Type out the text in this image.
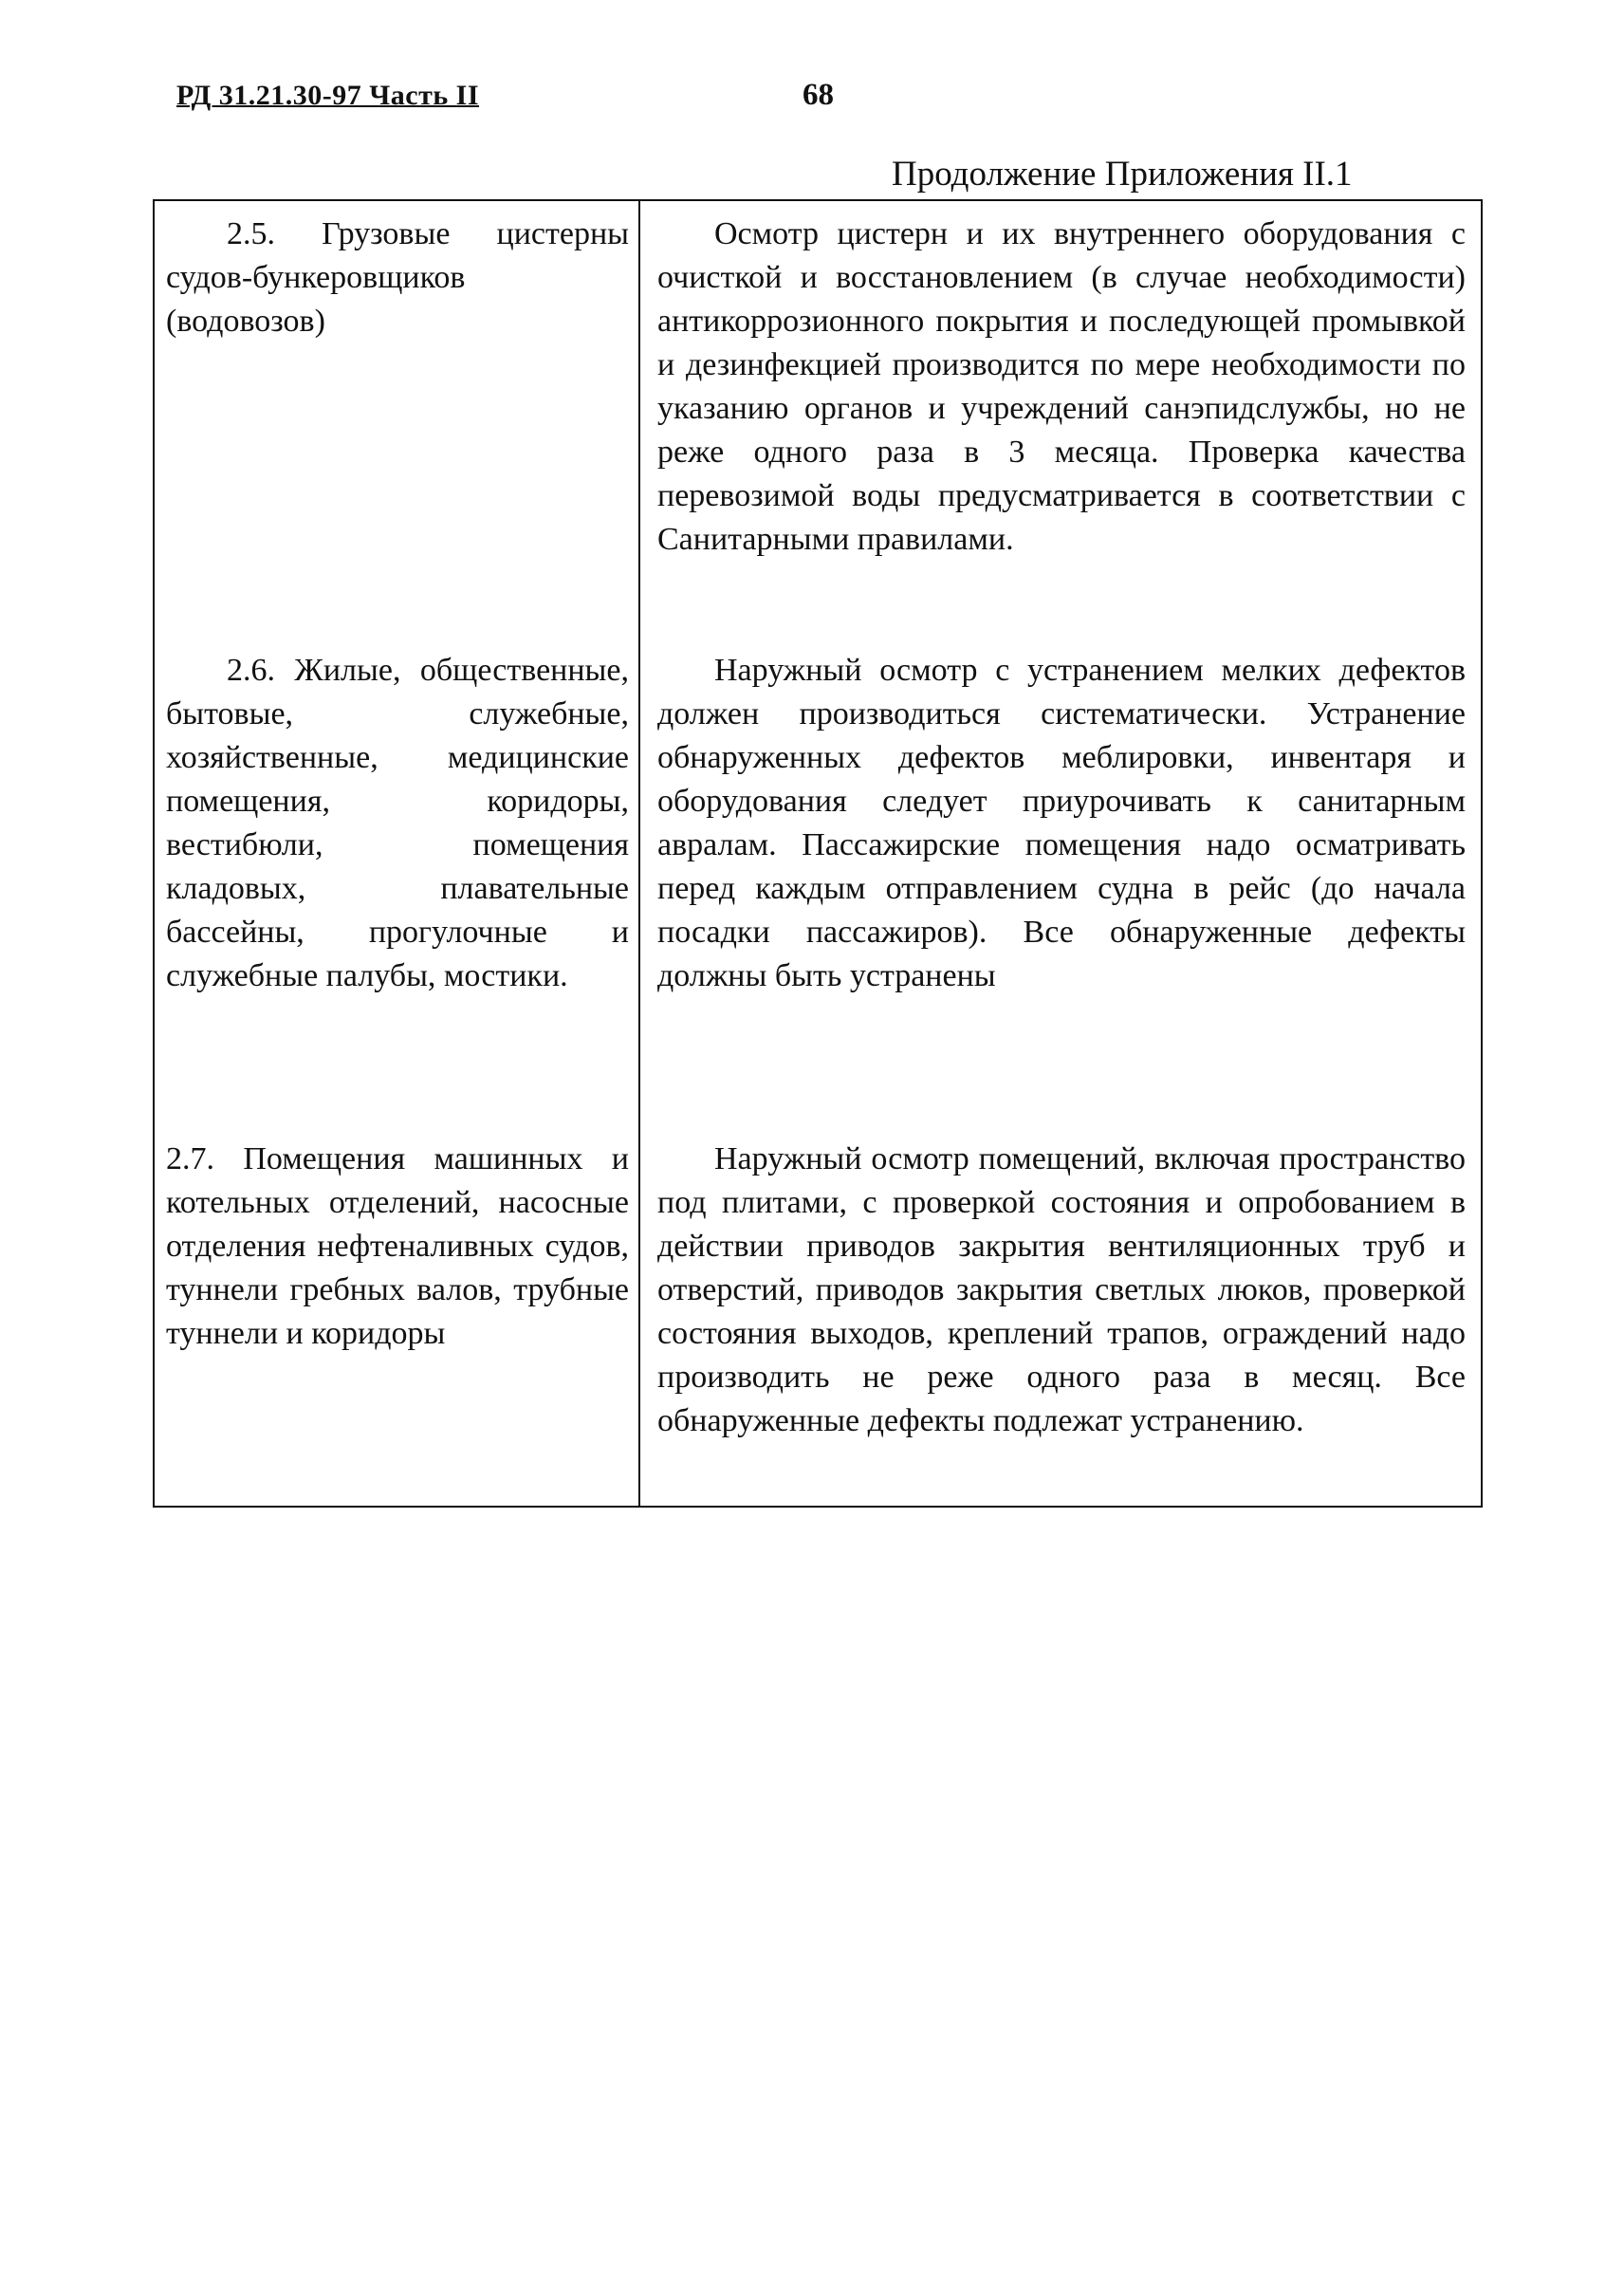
РД 31.21.30-97 Часть II	68
Продолжение Приложения II.1
2.5. Грузовые цистерны судов-бункеровщиков (водовозов)	Осмотр цистерн и их внутреннего оборудования с очисткой и восстановлением (в случае необходимости) антикоррозионного покрытия и последующей промывкой и дезинфекцией производится по мере необходимости по указанию органов и учреждений санэпидслужбы, но не реже одного раза в 3 месяца. Проверка качества перевозимой воды предусматривается в соответствии с Санитарными правилами.

2.6. Жилые, общественные, бытовые, служебные, хозяйственные, медицинские помещения, коридоры, вестибюли, помещения кладовых, плавательные бассейны, прогулочные и служебные палубы, мостики.	Наружный осмотр с устранением мелких дефектов должен производиться систематически. Устранение обнаруженных дефектов меблировки, инвентаря и оборудования следует приурочивать к санитарным авралам. Пассажирские помещения надо осматривать перед каждым отправлением судна в рейс (до начала посадки пассажиров). Все обнаруженные дефекты должны быть устранены

2.7. Помещения машинных и котельных отделений, насосные отделения нефтеналивных судов, туннели гребных валов, трубные туннели и коридоры	Наружный осмотр помещений, включая пространство под плитами, с проверкой состояния и опробованием в действии приводов закрытия вентиляционных труб и отверстий, приводов закрытия светлых люков, проверкой состояния выходов, креплений трапов, ограждений надо производить не реже одного раза в месяц. Все обнаруженные дефекты подлежат устранению.
